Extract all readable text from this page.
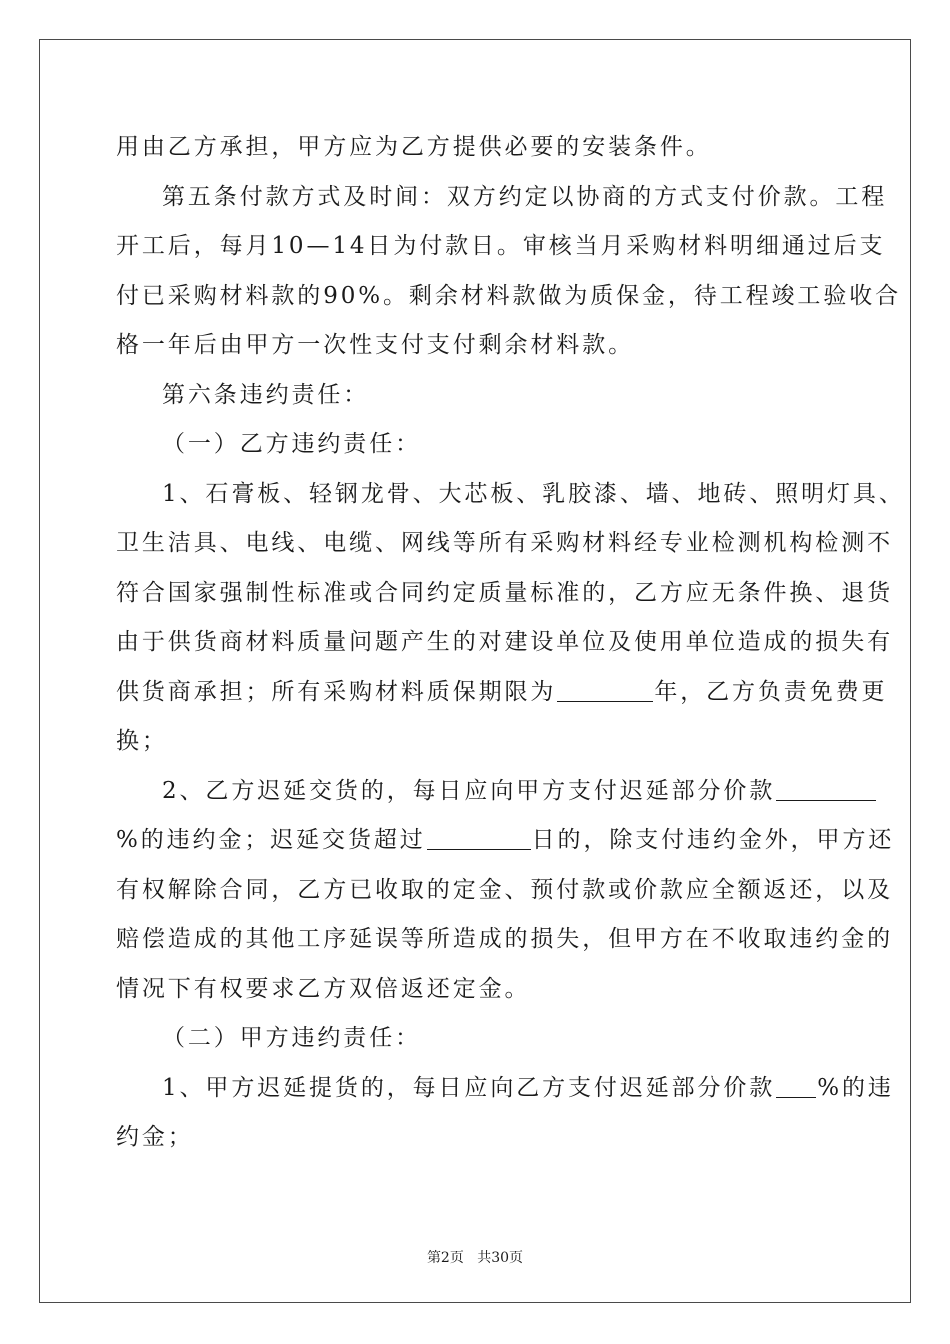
用由乙方承担，甲方应为乙方提供必要的安装条件。
第五条付款方式及时间：双方约定以协商的方式支付价款。工程
开工后，每月10—14日为付款日。审核当月采购材料明细通过后支
付已采购材料款的90%。剩余材料款做为质保金，待工程竣工验收合
格一年后由甲方一次性支付支付剩余材料款。
第六条违约责任：
（一）乙方违约责任：
1、石膏板、轻钢龙骨、大芯板、乳胶漆、墙、地砖、照明灯具、
卫生洁具、电线、电缆、网线等所有采购材料经专业检测机构检测不
符合国家强制性标准或合同约定质量标准的，乙方应无条件换、退货
由于供货商材料质量问题产生的对建设单位及使用单位造成的损失有
供货商承担；所有采购材料质保期限为	年，乙方负责免费更
换；
2、乙方迟延交货的，每日应向甲方支付迟延部分价款
%的违约金；迟延交货超过	日的，除支付违约金外，甲方还
有权解除合同，乙方已收取的定金、预付款或价款应全额返还，以及
赔偿造成的其他工序延误等所造成的损失，但甲方在不收取违约金的
情况下有权要求乙方双倍返还定金。
（二）甲方违约责任：
1、甲方迟延提货的，每日应向乙方支付迟延部分价款 %的违
约金；
第2页 共30页
